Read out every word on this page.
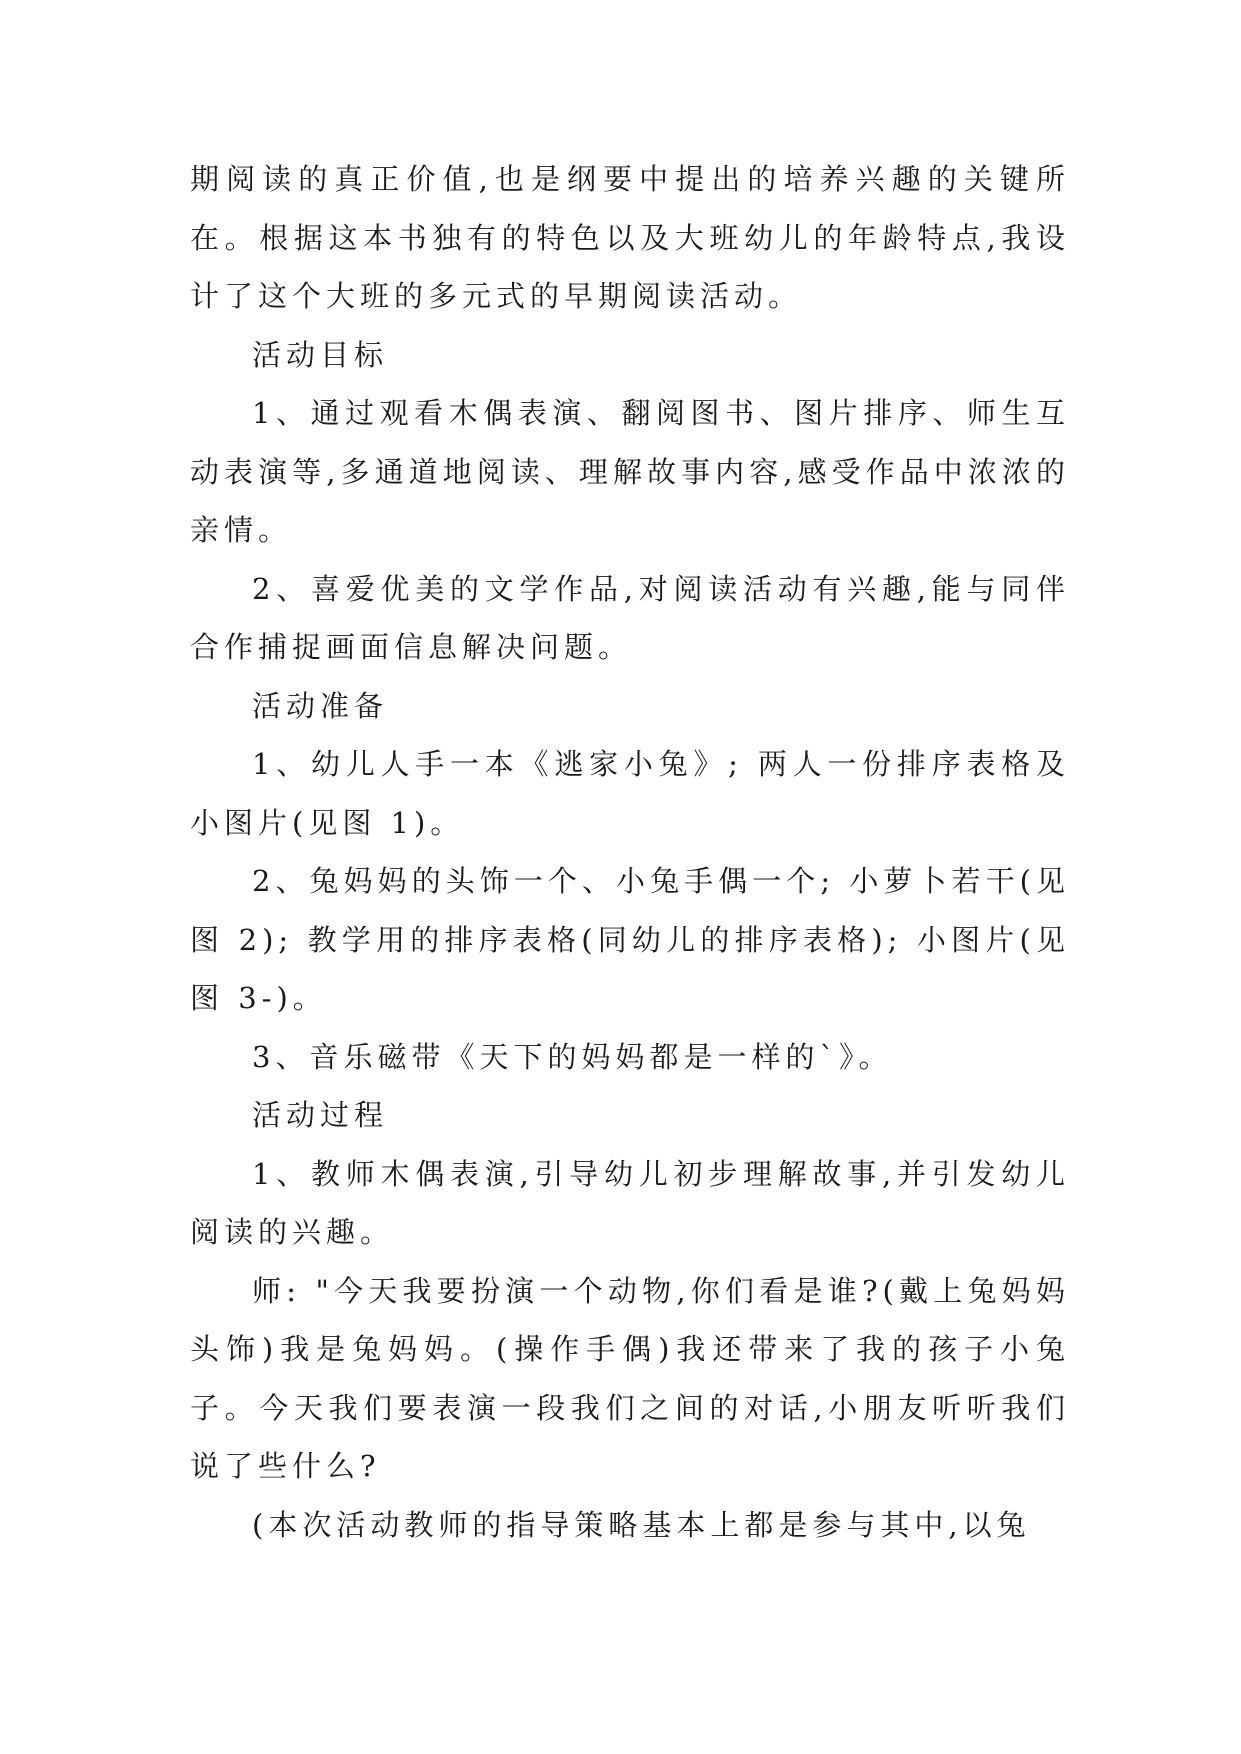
期阅读的真正价值,也是纲要中提出的培养兴趣的关键所在。根据这本书独有的特色以及大班幼儿的年龄特点,我设计了这个大班的多元式的早期阅读活动。

活动目标

1、通过观看木偶表演、翻阅图书、图片排序、师生互动表演等,多通道地阅读、理解故事内容,感受作品中浓浓的亲情。

2、喜爱优美的文学作品,对阅读活动有兴趣,能与同伴合作捕捉画面信息解决问题。

活动准备

1、幼儿人手一本《逃家小兔》; 两人一份排序表格及小图片(见图 1)。

2、兔妈妈的头饰一个、小兔手偶一个; 小萝卜若干(见图 2); 教学用的排序表格(同幼儿的排序表格); 小图片(见图 3-)。

3、音乐磁带《天下的妈妈都是一样的`》。

活动过程

1、教师木偶表演,引导幼儿初步理解故事,并引发幼儿阅读的兴趣。

师: "今天我要扮演一个动物,你们看是谁?(戴上兔妈妈头饰)我是兔妈妈。(操作手偶)我还带来了我的孩子小兔子。今天我们要表演一段我们之间的对话,小朋友听听我们说了些什么?

(本次活动教师的指导策略基本上都是参与其中,以兔
